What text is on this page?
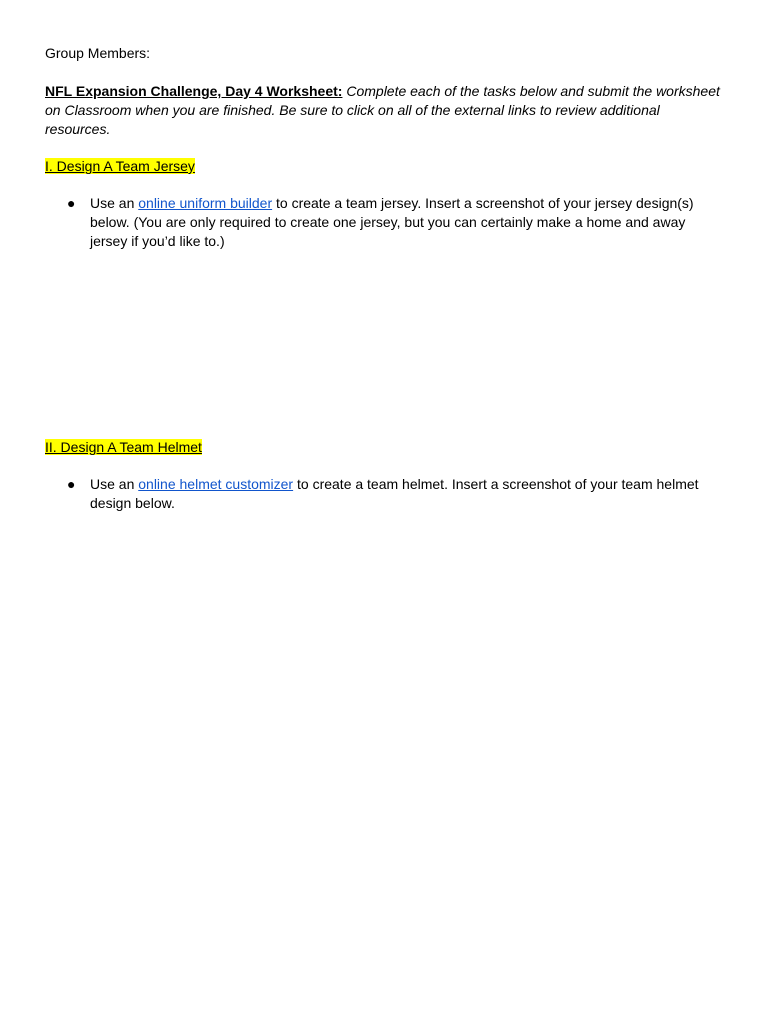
Group Members:

NFL Expansion Challenge, Day 4 Worksheet: Complete each of the tasks below and submit the worksheet on Classroom when you are finished. Be sure to click on all of the external links to review additional resources.

I. Design A Team Jersey

● Use an online uniform builder to create a team jersey. Insert a screenshot of your jersey design(s) below. (You are only required to create one jersey, but you can certainly make a home and away jersey if you’d like to.)

II. Design A Team Helmet

● Use an online helmet customizer to create a team helmet. Insert a screenshot of your team helmet design below.
